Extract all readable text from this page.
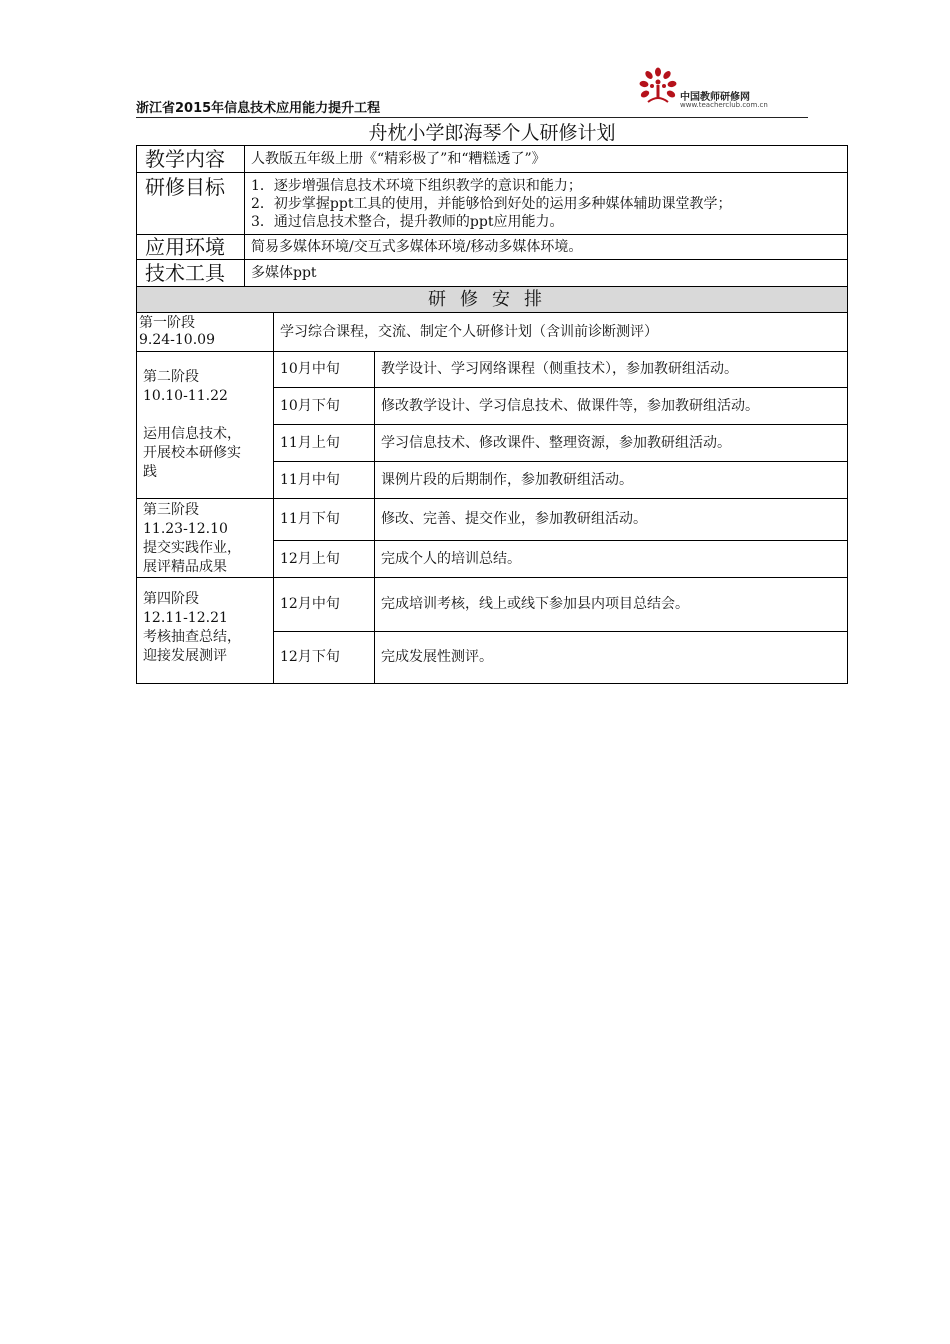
浙江省2015年信息技术应用能力提升工程
中国教师研修网
www.teacherclub.com.cn
舟枕小学郎海琴个人研修计划
教学内容	人教版五年级上册《“精彩极了”和“糟糕透了”》
研修目标	1．逐步增强信息技术环境下组织教学的意识和能力；
2．初步掌握ppt工具的使用，并能够恰到好处的运用多种媒体辅助课堂教学；
3．通过信息技术整合，提升教师的ppt应用能力。

应用环境	简易多媒体环境/交互式多媒体环境/移动多媒体环境。
技术工具	多媒体ppt
研修安排		

第一阶段
9.24-10.09	学习综合课程，交流、制定个人研修计划（含训前诊断测评）	

第二阶段
10.10-11.22
运用信息技术，
开展校本研修实
践	10月中旬	教学设计、学习网络课程（侧重技术），参加教研组活动。
	10月下旬	修改教学设计、学习信息技术、做课件等，参加教研组活动。
	11月上旬	学习信息技术、修改课件、整理资源，参加教研组活动。
	11月中旬	课例片段的后期制作，参加教研组活动。

第三阶段
11.23-12.10
提交实践作业，
展评精品成果	11月下旬	修改、完善、提交作业，参加教研组活动。
	12月上旬	完成个人的培训总结。

第四阶段
12.11-12.21
考核抽查总结，
迎接发展测评	12月中旬	完成培训考核，线上或线下参加县内项目总结会。
	12月下旬	完成发展性测评。
